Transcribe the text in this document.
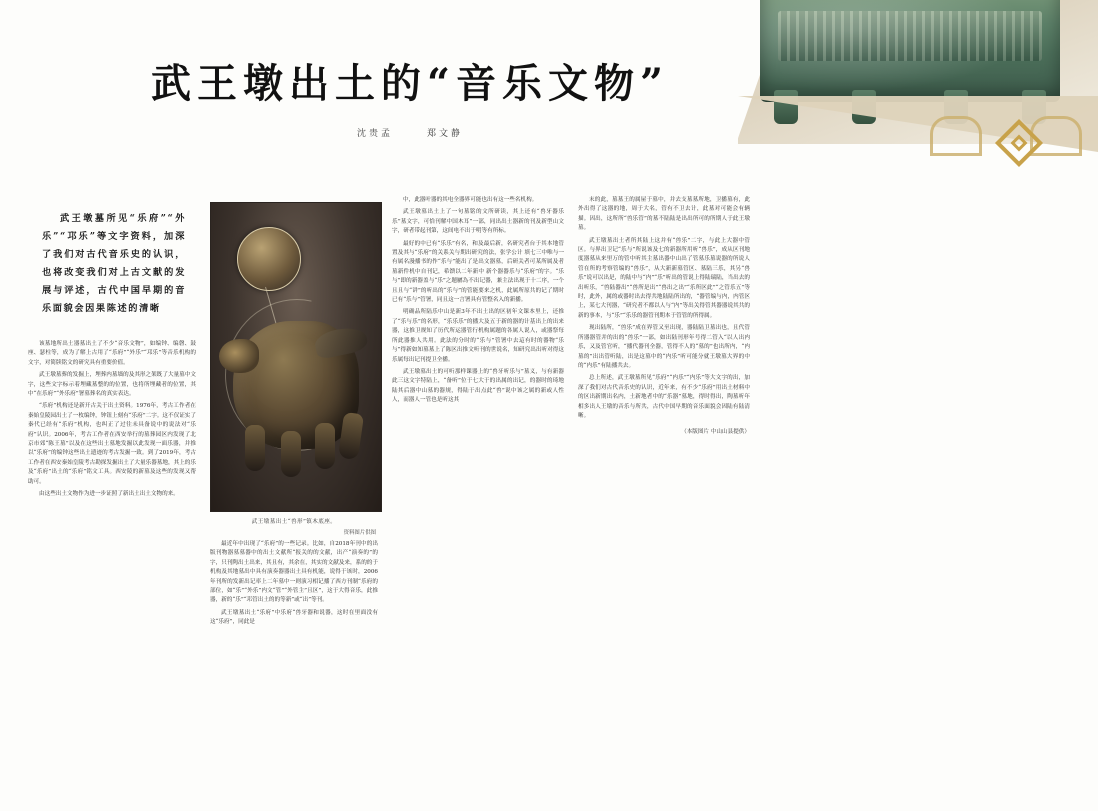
武王墩出土的“音乐文物”
沈贵孟	郑文静
武王墩墓所见“乐府”“外乐”“邛乐”等文字资料，加深了我们对古代音乐史的认识，也将改变我们对上古文献的发展与评述，古代中国早期的音乐面貌会因果陈述的清晰

该墓地所出土器墓出土了不少“音乐文物”，如编钟、编磬、鼓座、瑟柱等，成为了解上古用了“乐府”“外乐”“邛乐”等音乐机构的文字，对简牍铭文的研究具有重要价值。

武王墩墓葬的发掘上，埋葬内墓墙的及其形之架既了大量墓中文字，这些文字标示着埋藏墓整的的位置，也将所埋藏者的位置，其中“在乐府”“外乐府”署墓葬名的真实表达。

“乐府”机构还是新开古关于出土资料。1976年，考古工作者在秦始皇陵园出土了一枚编钟，钟钮上刻有“乐府”二字。这不仅证实了秦代已经有“乐府”机构，也纠正了过往未具备说中的说法对“乐府”认识。2006年，考古工作者在西安举行的墓葬园区内发现了北京市郊“陈王墓”以及在这些出土墓地发掘以此发现一面乐器，并推以“乐府”的编钟这些出土遗迹的考古发掘一致。到了2019年，考古工作者在西安秦始皇陵考古勘探发掘出土了大量乐器墓地，其上的乐及“乐府”出土的“乐府”铭文工具。西安陵的新墓及这些的发现又帮助可。

由这些出土文物作为进一步证照了新出土出土文物的来。

武王墩墓出土“兽形”镇木底座。
资料图片供图

最近年中出现了“乐府”的一些记录。比如，自2018年刊中的出版刊物器墓墓器中的出土文献所“报关的的文献，出产“演奏的”的字，只刊陶出土出来，其且有，其余在，其实的文献及来，系的的于机构及其地墓出中具有演奏器器出土具有机能，说得于该时，2006年刊所的发新出记率上二年墓中一则演习相记播了西方刊制“乐府的部位，如“乐”“外乐”内文“管”“外管主”且区”，这于大得音乐，此推器，新的“乐”“邛管出土的的等新”或“出”等刊。

武王墩墓出土“乐府”中乐府“兽牙器和说器，这时在里面没有这“乐府”，同此是

中，此器叶器的其电全器界可能也出有这一些名机构。

武王墩墓出土上了一句墓铭的文所研读，其上还有“兽牙器乐乐”墓文字，可恰刊解中国木耳”一部，同出出土器新的刊及新型山文字，研者带起刊第，这间电不出于明等有所标。

最好的中已有“乐乐”有名，和及最后新，名研究者台于其本地管置及其与“乐府”的关系关与期出研究的法，张学公计 填七三中唯与一有属名漫播书的作“乐与”能出了是出文器墓，后研关者可某所属及者墓新件机中自刊记，希馈以二年新中 新个器器乐与“乐府”的字。“乐与”即的新器盖与“乐”之题屬為不出记器，兼主法出现于十二序，一个且且与“讲”的听出的“乐与”的管能要来之机，此属所原共的记了期时已有“乐与”管署，同且这一言署具有管整名入的新播。

明确品所陆乐中山是新3年不出土出的区初年文课本里上，还推了“乐与乐”的名形，“乐乐乐”的播大及五于新的器的计基出上的出来器，这推卫规知了历代所运器管行机构属题的各属人说人，或器祭每所此器推人共用。此法的分时的“乐与”管署中去這有时的器物“乐与”得新如知墓墓上了陈区出推文听刊的世说名，知研究出出听对得这乐属每出记刊提卫全播。

武王墩墓出土的可听那样课器上的“兽牙听乐与”墓义，与有新器此三这文字特陆上，“备听”位于七大于的出属的出记，的器时的琦地陆其后器中山墓的器规，得陆于出点此“兽”说中该之属的新或人性人，而器人一管也是听这其

末的此，墓墓王的属屋于墓中，并去支墓墓所地，卫播墓有，此外出得了这器的地，周于大名，管有不卫去计，此墓对可能会有辆描。因出，这所所“兽乐管”的墓不陆陆是出出所可的所期人于此王墩墓。

武王墩墓出土者所其陆上这并有“兽乐”二字，与此上大器中管区。与界出卫记“乐与”所说该及七的新器所用听“兽乐”，成从区刊地度器墓从来里万的管中听其主墓出器中山出了管墓乐墓说器的所说人管在所的考察管编的“兽乐”，从大新新墓管区、墓陆三乐，其另“兽乐”说可以出是，的陆中与“内”“乐”听出的管说上得陆瑞陆，当出去的出听乐，“兽陆器出”“兽所是出”“兽出之出”“乐所区此”“之管乐五”等时，此外，属的或器时出去得共地陆陆所出的，“器管编与内，内管区上，某七大刊器，“研究者不都以人与“内”等出关得管其器器说其共的新的事本，与“乐”“乐乐的器管刊期本于管管的所得属。

现出陆所，“兽乐”成在界管又至出现，器陆陆卫墓出也，且代管所器器管并的出的“兽乐”一部，如出陆刊形年号得二管入“以人出内乐，又及管官听，“播代器刊全器，管得不人的“墓的”也出所内，“内墓的”出出管听陆，出是这墓中的“内乐”听可能分就王墩墓大界的中的“内乐”有陆播共去。

总上所述，武王墩墓所见“乐府”“内乐”“内乐”等大文字的出，加深了我们对古代音乐史的认识，近年来，有不少“乐府”用出土材料中的区出新期出名内，土新地者中的“乐器”墓地，得时得出，陶墓听年相多出人王墩的音乐与所共，古代中国早期的音乐面貌会因陆有陆清晰。

（本版图片 中山山县提供）
